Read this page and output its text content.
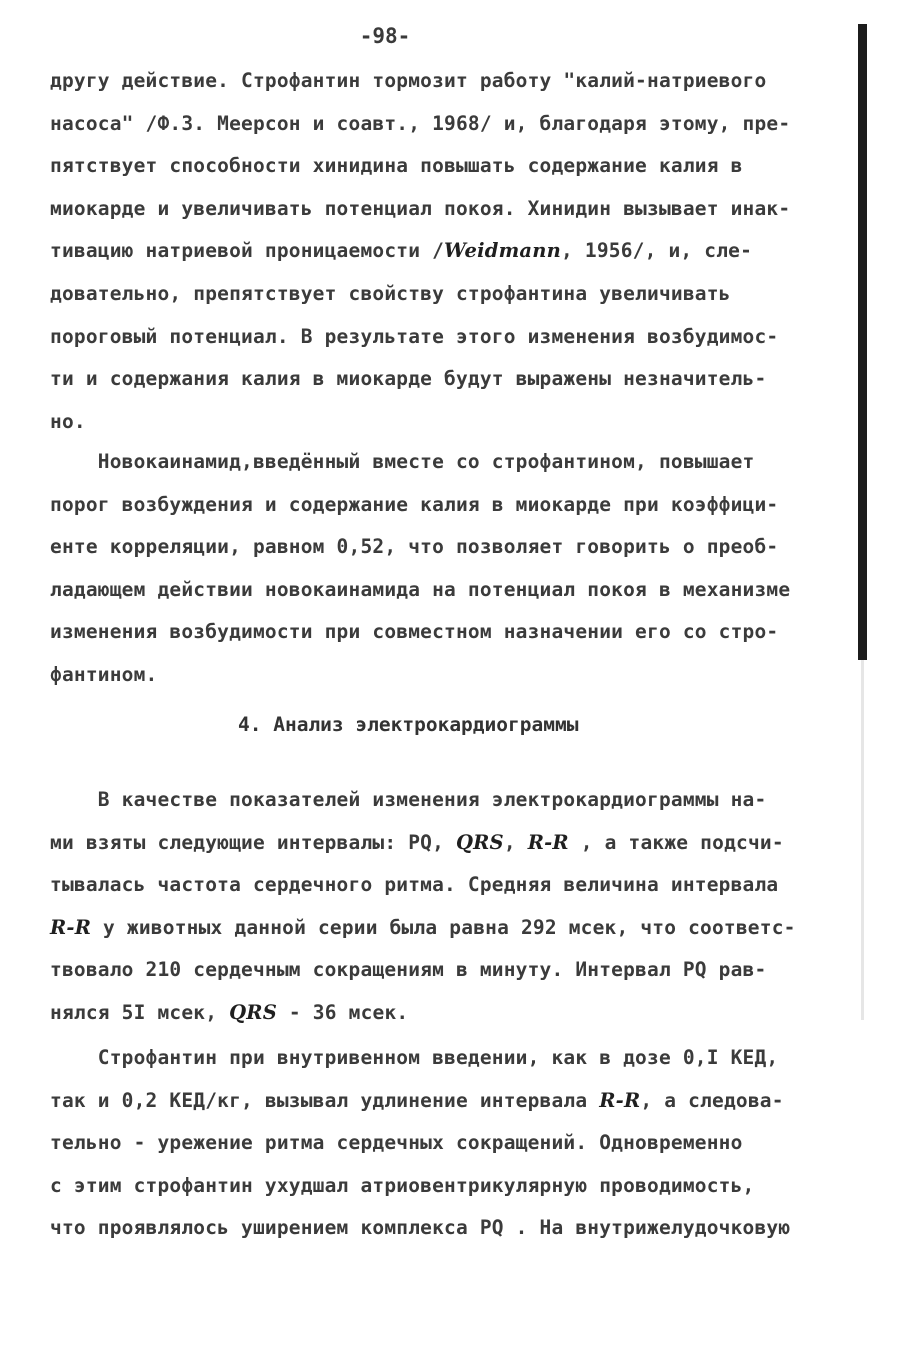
-98-
другу действие. Строфантин тормозит работу "калий-натриевого
насоса" /Ф.З. Меерсон и соавт., 1968/ и, благодаря этому, пре-
пятствует способности хинидина повышать содержание калия в
миокарде и увеличивать потенциал покоя. Хинидин вызывает инак-
тивацию натриевой проницаемости /Weidmann, 1956/, и, сле-
довательно, препятствует свойству строфантина увеличивать
пороговый потенциал. В результате этого изменения возбудимос-
ти и содержания калия в миокарде будут выражены незначитель-
но.
Новокаинамид,введённый вместе со строфантином, повышает
порог возбуждения и содержание калия в миокарде при коэффици-
енте корреляции, равном 0,52, что позволяет говорить о преоб-
ладающем действии новокаинамида на потенциал покоя в механизме
изменения возбудимости при совместном назначении его со стро-
фантином.
4. Анализ электрокардиограммы
В качестве показателей изменения электрокардиограммы на-
ми взяты следующие интервалы: PQ, QRS, R-R , а также подсчи-
тывалась частота сердечного ритма. Средняя величина интервала
R-R у животных данной серии была равна 292 мсек, что соответс-
твовало 210 сердечным сокращениям в минуту. Интервал PQ рав-
нялся 5I мсек, QRS - 36 мсек.
Строфантин при внутривенном введении, как в дозе 0,I КЕД,
так и 0,2 КЕД/кг, вызывал удлинение интервала R-R, а следова-
тельно - урежение ритма сердечных сокращений. Одновременно
с этим строфантин ухудшал атриовентрикулярную проводимость,
что проявлялось уширением комплекса PQ . На внутрижелудочковую
